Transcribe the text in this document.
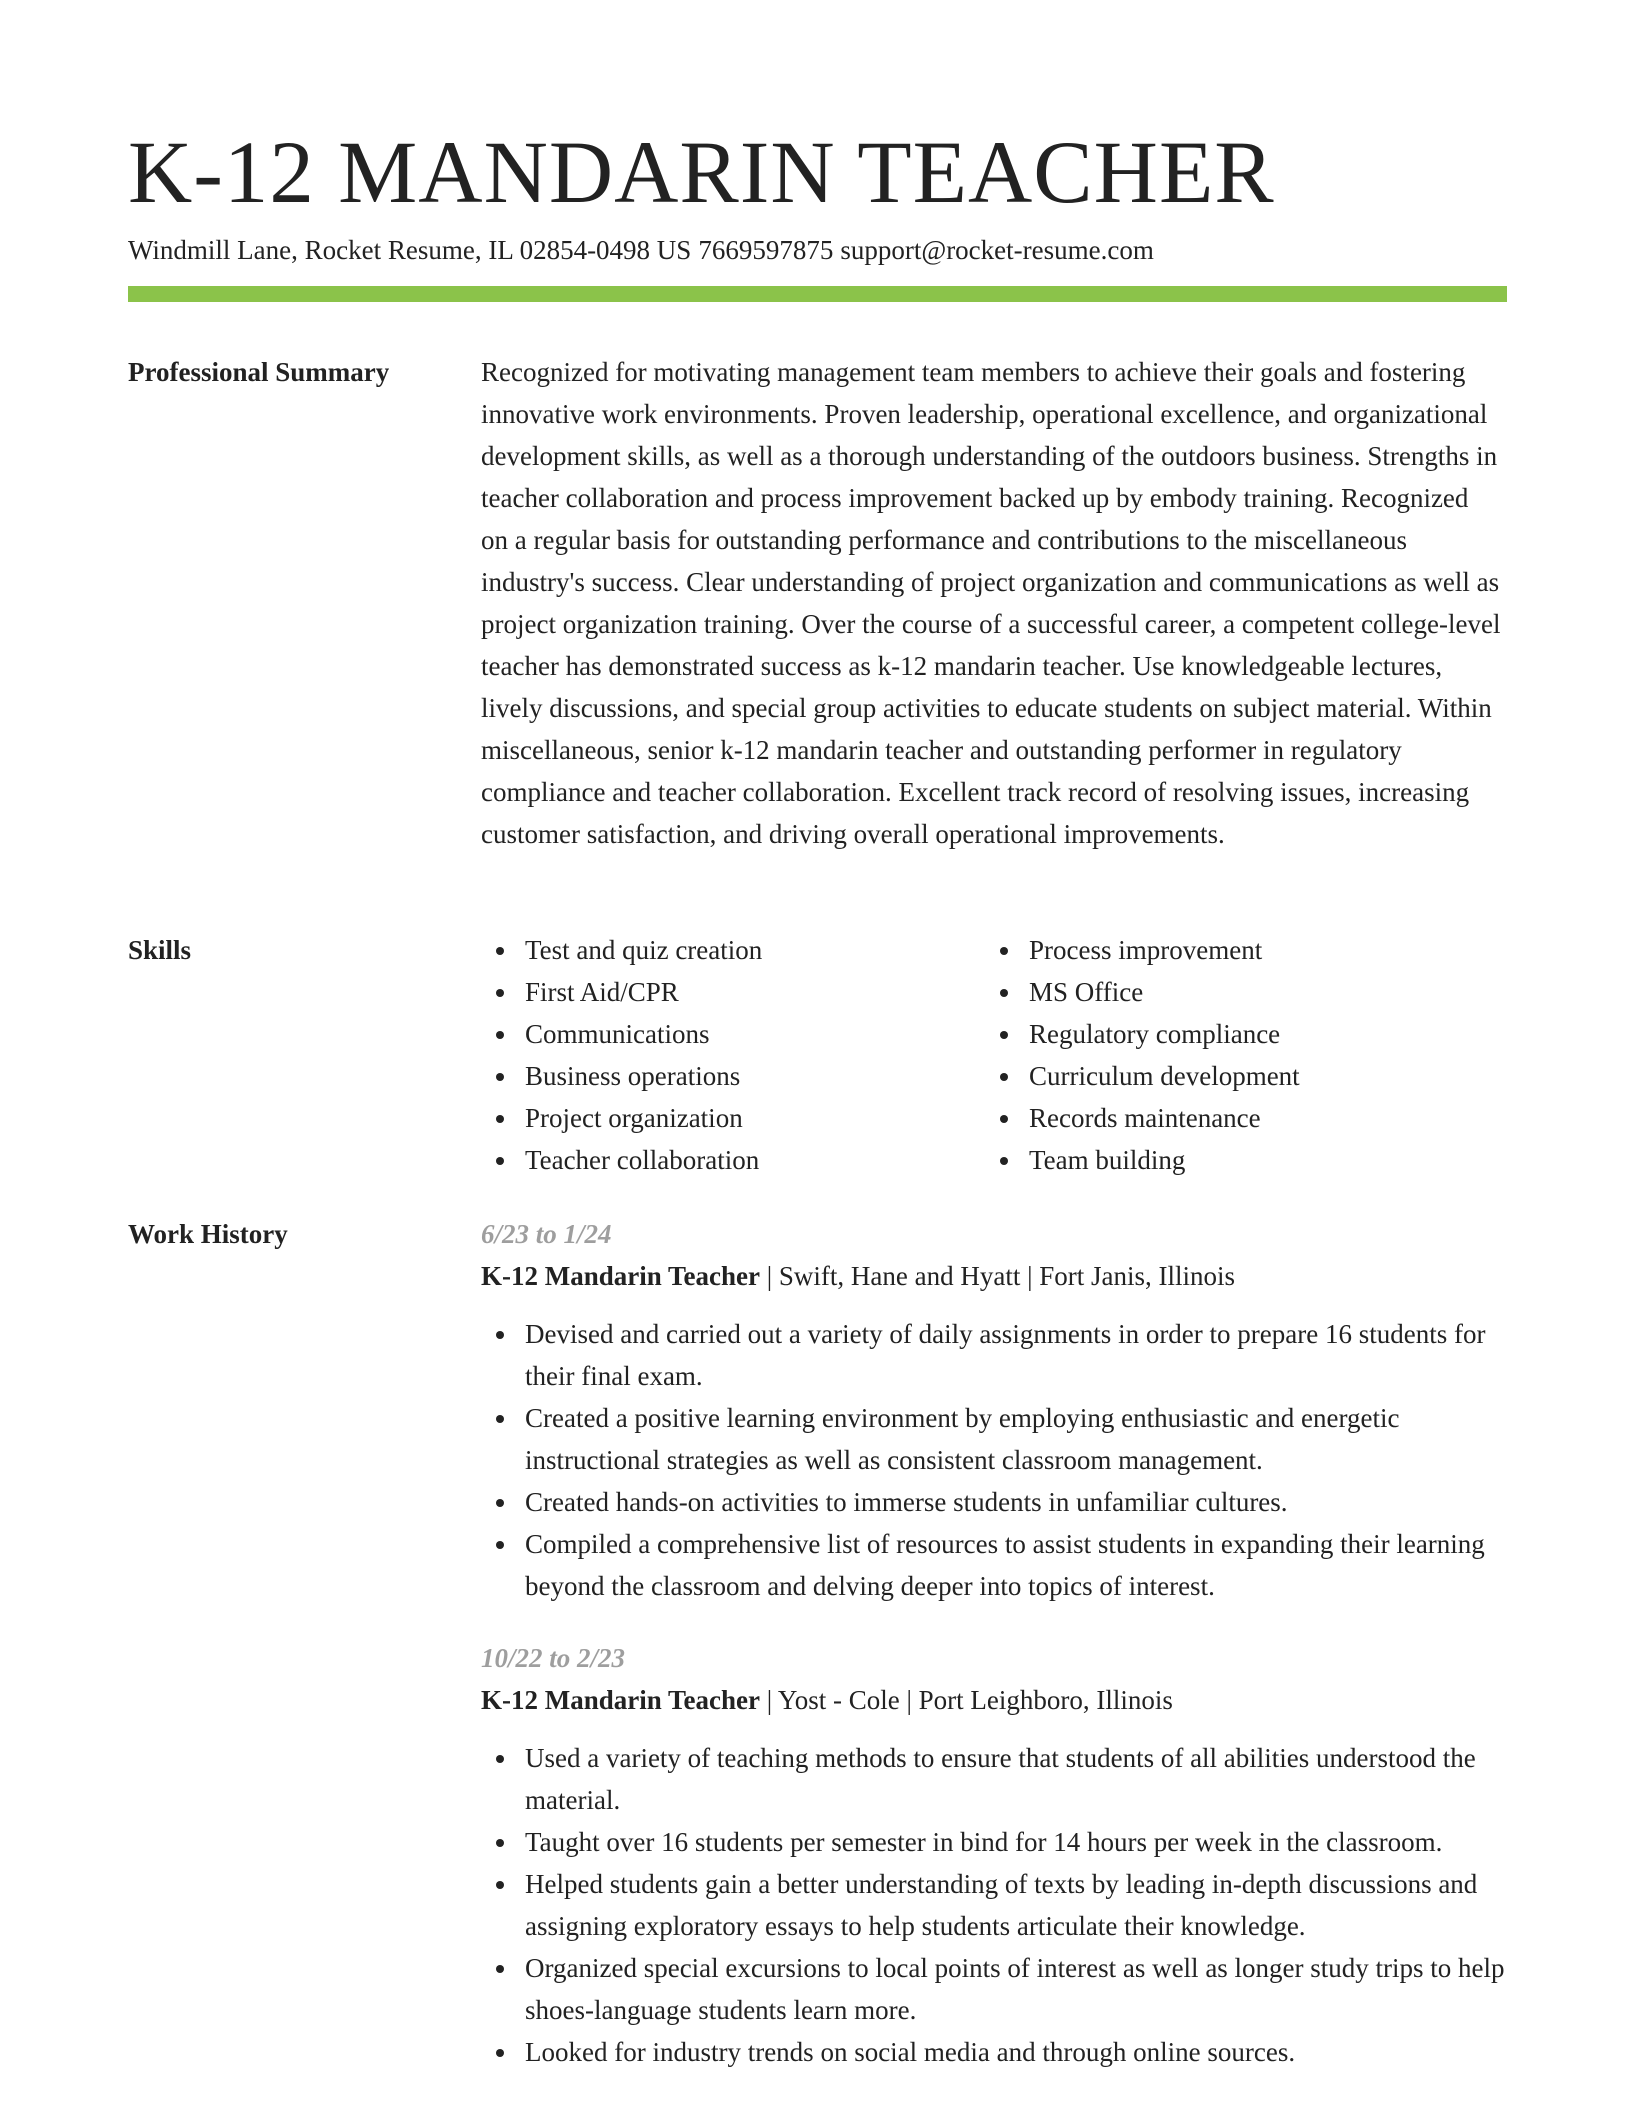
K-12 MANDARIN TEACHER
Windmill Lane, Rocket Resume, IL 02854-0498 US 7669597875 support@rocket-resume.com
Professional Summary	Recognized for motivating management team members to achieve their goals and fostering innovative work environments. Proven leadership, operational excellence, and organizational development skills, as well as a thorough understanding of the outdoors business. Strengths in teacher collaboration and process improvement backed up by embody training. Recognized on a regular basis for outstanding performance and contributions to the miscellaneous industry's success. Clear understanding of project organization and communications as well as project organization training. Over the course of a successful career, a competent college-level teacher has demonstrated success as k-12 mandarin teacher. Use knowledgeable lectures, lively discussions, and special group activities to educate students on subject material. Within miscellaneous, senior k-12 mandarin teacher and outstanding performer in regulatory compliance and teacher collaboration. Excellent track record of resolving issues, increasing customer satisfaction, and driving overall operational improvements.

Skills	Test and quiz creation
First Aid/CPR
Communications
Business operations
Project organization
Teacher collaboration
Process improvement
MS Office
Regulatory compliance
Curriculum development
Records maintenance
Team building
Work History	6/23 to 1/24
K-12 Mandarin Teacher | Swift, Hane and Hyatt | Fort Janis, Illinois
Devised and carried out a variety of daily assignments in order to prepare 16 students for their final exam.
Created a positive learning environment by employing enthusiastic and energetic instructional strategies as well as consistent classroom management.
Created hands-on activities to immerse students in unfamiliar cultures.
Compiled a comprehensive list of resources to assist students in expanding their learning beyond the classroom and delving deeper into topics of interest.
10/22 to 2/23
K-12 Mandarin Teacher | Yost - Cole | Port Leighboro, Illinois
Used a variety of teaching methods to ensure that students of all abilities understood the material.
Taught over 16 students per semester in bind for 14 hours per week in the classroom.
Helped students gain a better understanding of texts by leading in-depth discussions and assigning exploratory essays to help students articulate their knowledge.
Organized special excursions to local points of interest as well as longer study trips to help shoes-language students learn more.
Looked for industry trends on social media and through online sources.
